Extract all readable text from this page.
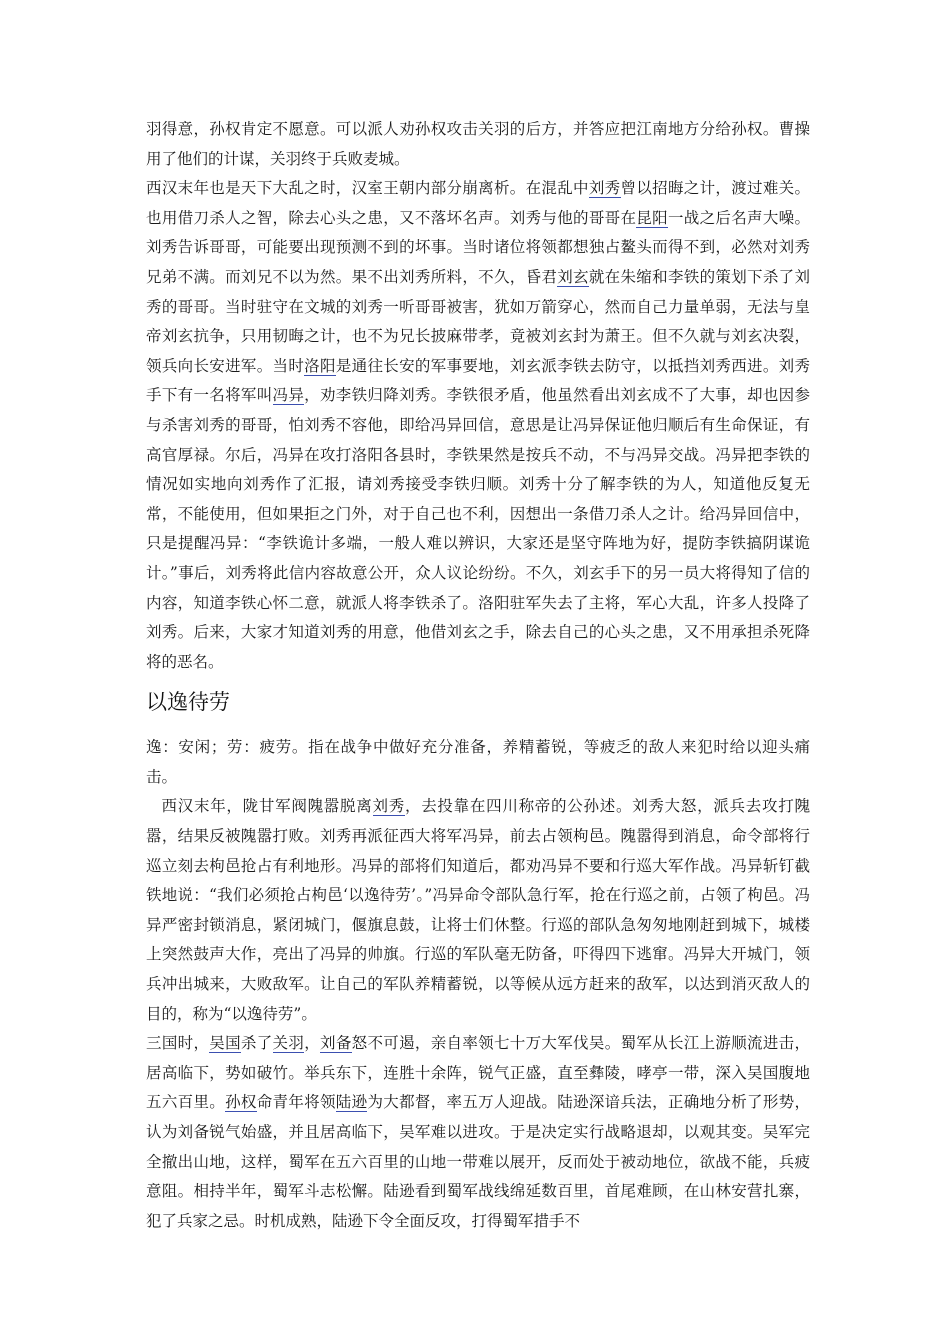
羽得意，孙权肯定不愿意。可以派人劝孙权攻击关羽的后方，并答应把江南地方分给孙权。曹操用了他们的计谋，关羽终于兵败麦城。

西汉末年也是天下大乱之时，汉室王朝内部分崩离析。在混乱中刘秀曾以招晦之计，渡过难关。也用借刀杀人之智，除去心头之患，又不落坏名声。刘秀与他的哥哥在昆阳一战之后名声大噪。刘秀告诉哥哥，可能要出现预测不到的坏事。当时诸位将领都想独占鳌头而得不到，必然对刘秀兄弟不满。而刘兄不以为然。果不出刘秀所料，不久，昏君刘玄就在朱缩和李铁的策划下杀了刘秀的哥哥。当时驻守在文城的刘秀一听哥哥被害，犹如万箭穿心，然而自己力量单弱，无法与皇帝刘玄抗争，只用韧晦之计，也不为兄长披麻带孝，竟被刘玄封为萧王。但不久就与刘玄决裂，领兵向长安进军。当时洛阳是通往长安的军事要地，刘玄派李铁去防守，以抵挡刘秀西进。刘秀手下有一名将军叫冯异，劝李铁归降刘秀。李铁很矛盾，他虽然看出刘玄成不了大事，却也因参与杀害刘秀的哥哥，怕刘秀不容他，即给冯异回信，意思是让冯异保证他归顺后有生命保证，有高官厚禄。尔后，冯异在攻打洛阳各县时，李铁果然是按兵不动，不与冯异交战。冯异把李铁的情况如实地向刘秀作了汇报，请刘秀接受李铁归顺。刘秀十分了解李铁的为人，知道他反复无常，不能使用，但如果拒之门外，对于自己也不利，因想出一条借刀杀人之计。给冯异回信中，只是提醒冯异：“李铁诡计多端，一般人难以辨识，大家还是坚守阵地为好，提防李铁搞阴谋诡计。”事后，刘秀将此信内容故意公开，众人议论纷纷。不久，刘玄手下的另一员大将得知了信的内容，知道李铁心怀二意，就派人将李铁杀了。洛阳驻军失去了主将，军心大乱，许多人投降了刘秀。后来，大家才知道刘秀的用意，他借刘玄之手，除去自己的心头之患，又不用承担杀死降将的恶名。

以逸待劳

逸：安闲；劳：疲劳。指在战争中做好充分准备，养精蓄锐，等疲乏的敌人来犯时给以迎头痛击。

西汉末年，陇甘军阀隗嚣脱离刘秀，去投靠在四川称帝的公孙述。刘秀大怒，派兵去攻打隗嚣，结果反被隗嚣打败。刘秀再派征西大将军冯异，前去占领枸邑。隗嚣得到消息，命令部将行巡立刻去枸邑抢占有利地形。冯异的部将们知道后，都劝冯异不要和行巡大军作战。冯异斩钉截铁地说：“我们必须抢占枸邑‘以逸待劳’。”冯异命令部队急行军，抢在行巡之前，占领了枸邑。冯异严密封锁消息，紧闭城门，偃旗息鼓，让将士们休整。行巡的部队急匆匆地刚赶到城下，城楼上突然鼓声大作，亮出了冯异的帅旗。行巡的军队毫无防备，吓得四下逃窜。冯异大开城门，领兵冲出城来，大败敌军。让自己的军队养精蓄锐，以等候从远方赶来的敌军，以达到消灭敌人的目的，称为“以逸待劳”。

三国时，吴国杀了关羽，刘备怒不可遏，亲自率领七十万大军伐吴。蜀军从长江上游顺流进击，居高临下，势如破竹。举兵东下，连胜十余阵，锐气正盛，直至彝陵，哮亭一带，深入吴国腹地五六百里。孙权命青年将领陆逊为大都督，率五万人迎战。陆逊深谙兵法，正确地分析了形势，认为刘备锐气始盛，并且居高临下，吴军难以进攻。于是决定实行战略退却，以观其变。吴军完全撤出山地，这样，蜀军在五六百里的山地一带难以展开，反而处于被动地位，欲战不能，兵疲意阻。相持半年，蜀军斗志松懈。陆逊看到蜀军战线绵延数百里，首尾难顾，在山林安营扎寨，犯了兵家之忌。时机成熟，陆逊下令全面反攻，打得蜀军措手不
